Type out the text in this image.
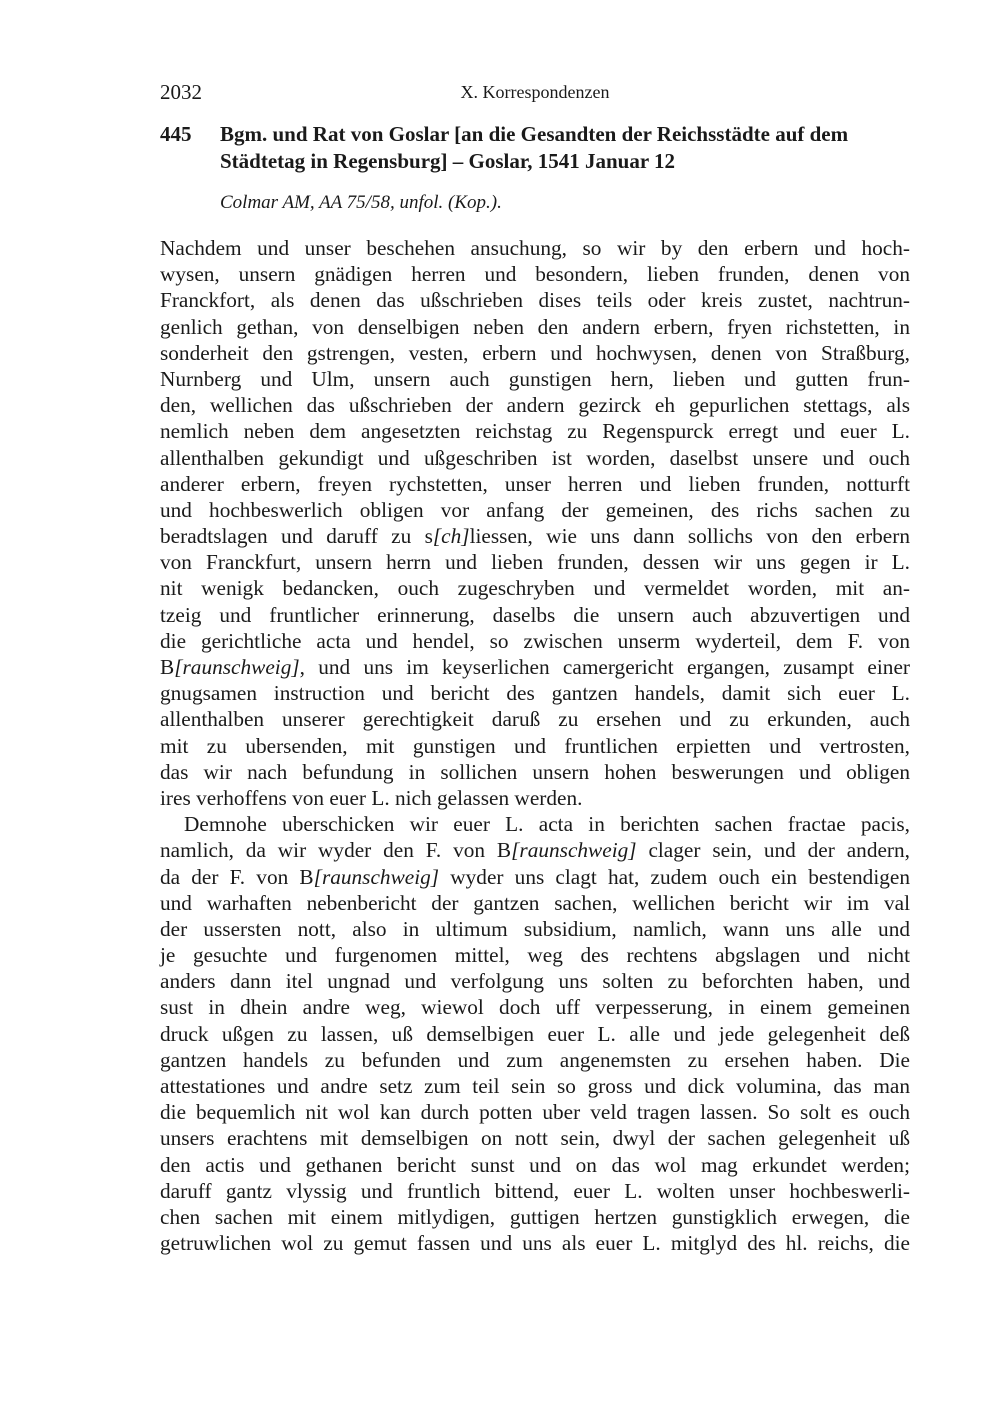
2032	X. Korrespondenzen
445 Bgm. und Rat von Goslar [an die Gesandten der Reichsstädte auf dem
Städtetag in Regensburg] – Goslar, 1541 Januar 12
Colmar AM, AA 75/58, unfol. (Kop.).
Nachdem und unser beschehen ansuchung, so wir by den erbern und hoch-
wysen, unsern gnädigen herren und besondern, lieben frunden, denen von
Franckfort, als denen das ußschrieben dises teils oder kreis zustet, nachtrun-
genlich gethan, von denselbigen neben den andern erbern, fryen richstetten, in
sonderheit den gstrengen, vesten, erbern und hochwysen, denen von Straßburg,
Nurnberg und Ulm, unsern auch gunstigen hern, lieben und gutten frun-
den, wellichen das ußschrieben der andern gezirck eh gepurlichen stettags, als
nemlich neben dem angesetzten reichstag zu Regenspurck erregt und euer L.
allenthalben gekundigt und ußgeschriben ist worden, daselbst unsere und ouch
anderer erbern, freyen rychstetten, unser herren und lieben frunden, notturft
und hochbeswerlich obligen vor anfang der gemeinen, des richs sachen zu
beradtslagen und daruff zu s[ch]liessen, wie uns dann sollichs von den erbern
von Franckfurt, unsern herrn und lieben frunden, dessen wir uns gegen ir L.
nit wenigk bedancken, ouch zugeschryben und vermeldet worden, mit an-
tzeig und fruntlicher erinnerung, daselbs die unsern auch abzuvertigen und
die gerichtliche acta und hendel, so zwischen unserm wyderteil, dem F. von
B[raunschweig], und uns im keyserlichen camergericht ergangen, zusampt einer
gnugsamen instruction und bericht des gantzen handels, damit sich euer L.
allenthalben unserer gerechtigkeit daruß zu ersehen und zu erkunden, auch
mit zu ubersenden, mit gunstigen und fruntlichen erpietten und vertrosten,
das wir nach befundung in sollichen unsern hohen beswerungen und obligen
ires verhoffens von euer L. nich gelassen werden.
Demnohe uberschicken wir euer L. acta in berichten sachen fractae pacis,
namlich, da wir wyder den F. von B[raunschweig] clager sein, und der andern,
da der F. von B[raunschweig] wyder uns clagt hat, zudem ouch ein bestendigen
und warhaften nebenbericht der gantzen sachen, wellichen bericht wir im val
der ussersten nott, also in ultimum subsidium, namlich, wann uns alle und
je gesuchte und furgenomen mittel, weg des rechtens abgslagen und nicht
anders dann itel ungnad und verfolgung uns solten zu beforchten haben, und
sust in dhein andre weg, wiewol doch uff verpesserung, in einem gemeinen
druck ußgen zu lassen, uß demselbigen euer L. alle und jede gelegenheit deß
gantzen handels zu befunden und zum angenemsten zu ersehen haben. Die
attestationes und andre setz zum teil sein so gross und dick volumina, das man
die bequemlich nit wol kan durch potten uber veld tragen lassen. So solt es ouch
unsers erachtens mit demselbigen on nott sein, dwyl der sachen gelegenheit uß
den actis und gethanen bericht sunst und on das wol mag erkundet werden;
daruff gantz vlyssig und fruntlich bittend, euer L. wolten unser hochbeswerli-
chen sachen mit einem mitlydigen, guttigen hertzen gunstigklich erwegen, die
getruwlichen wol zu gemut fassen und uns als euer L. mitglyd des hl. reichs, die
